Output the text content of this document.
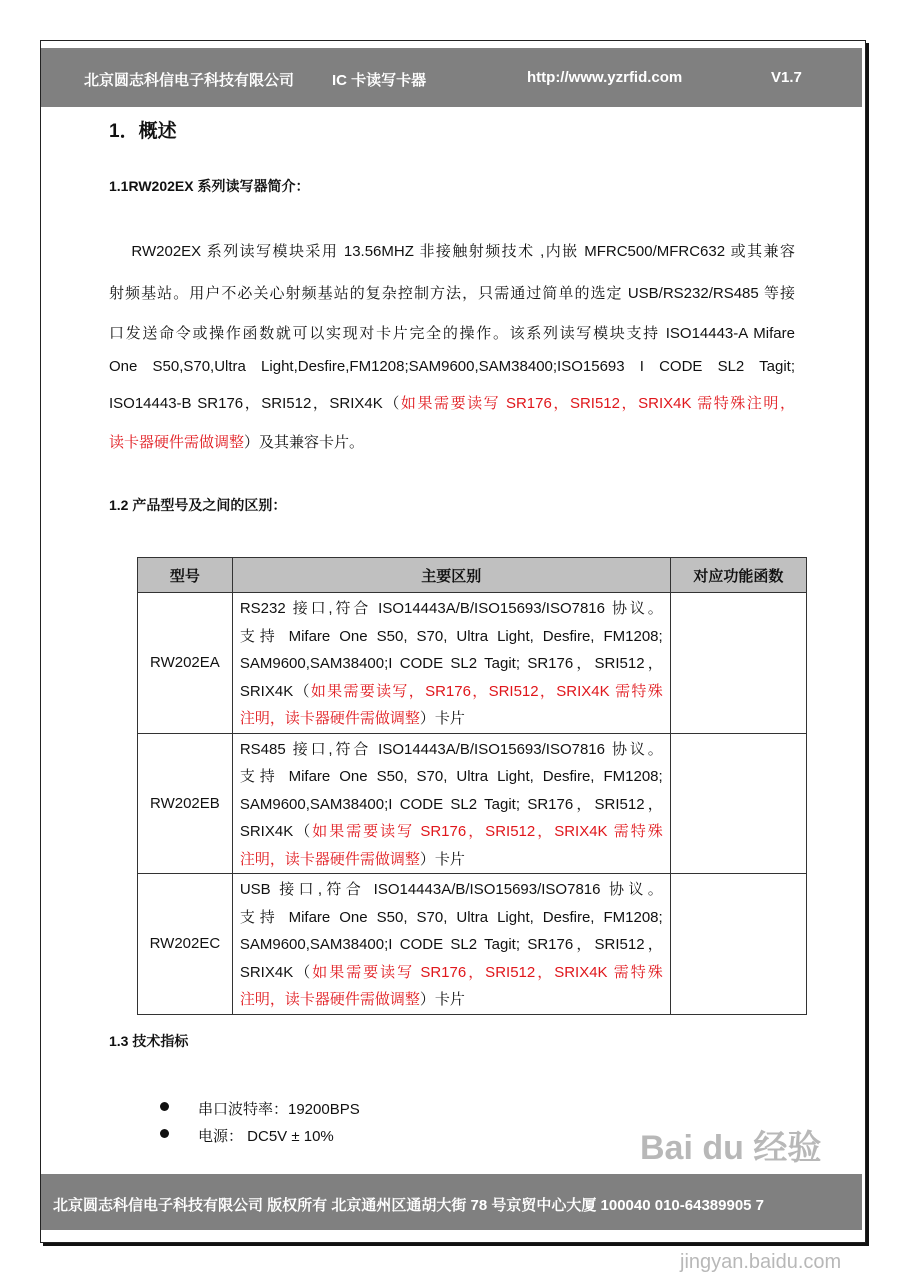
北京圆志科信电子科技有限公司	IC 卡读写卡器	http://www.yzrfid.com	V1.7
1．概述
1.1RW202EX 系列读写器简介：
RW202EX 系列读写模块采用 13.56MHZ 非接触射频技术 ,内嵌 MFRC500/MFRC632 或其兼容
射频基站。用户不必关心射频基站的复杂控制方法，只需通过简单的选定 USB/RS232/RS485 等接
口发送命令或操作函数就可以实现对卡片完全的操作。该系列读写模块支持 ISO14443-A Mifare
One S50,S70,Ultra Light,Desfire,FM1208;SAM9600,SAM38400;ISO15693 I CODE SL2 Tagit;
ISO14443-B SR176，SRI512，SRIX4K（如果需要读写 SR176，SRI512，SRIX4K 需特殊注明，
读卡器硬件需做调整）及其兼容卡片。
1.2 产品型号及之间的区别：
型号	主要区别	对应功能函数
RW202EA	RS232 接口,符合 ISO14443A/B/ISO15693/ISO7816 协议。
支持 Mifare One S50, S70, Ultra Light, Desfire, FM1208;
SAM9600,SAM38400;I CODE SL2 Tagit; SR176，SRI512，
SRIX4K（如果需要读写，SR176，SRI512，SRIX4K 需特殊
注明，读卡器硬件需做调整）卡片	

RW202EB	RS485 接口,符合 ISO14443A/B/ISO15693/ISO7816 协议。
支持 Mifare One S50, S70, Ultra Light, Desfire, FM1208;
SAM9600,SAM38400;I CODE SL2 Tagit; SR176，SRI512，
SRIX4K（如果需要读写 SR176，SRI512，SRIX4K 需特殊
注明，读卡器硬件需做调整）卡片	

RW202EC	USB 接口,符合 ISO14443A/B/ISO15693/ISO7816 协议。
支持 Mifare One S50, S70, Ultra Light, Desfire, FM1208;
SAM9600,SAM38400;I CODE SL2 Tagit; SR176，SRI512，
SRIX4K（如果需要读写 SR176，SRI512，SRIX4K 需特殊
注明，读卡器硬件需做调整）卡片	

1.3 技术指标
串口波特率：19200BPS
电源： DC5V ± 10%
北京圆志科信电子科技有限公司 版权所有 北京通州区通胡大街 78 号京贸中心大厦 100040 010-64389905 7
Bai du 经验
jingyan.baidu.com
